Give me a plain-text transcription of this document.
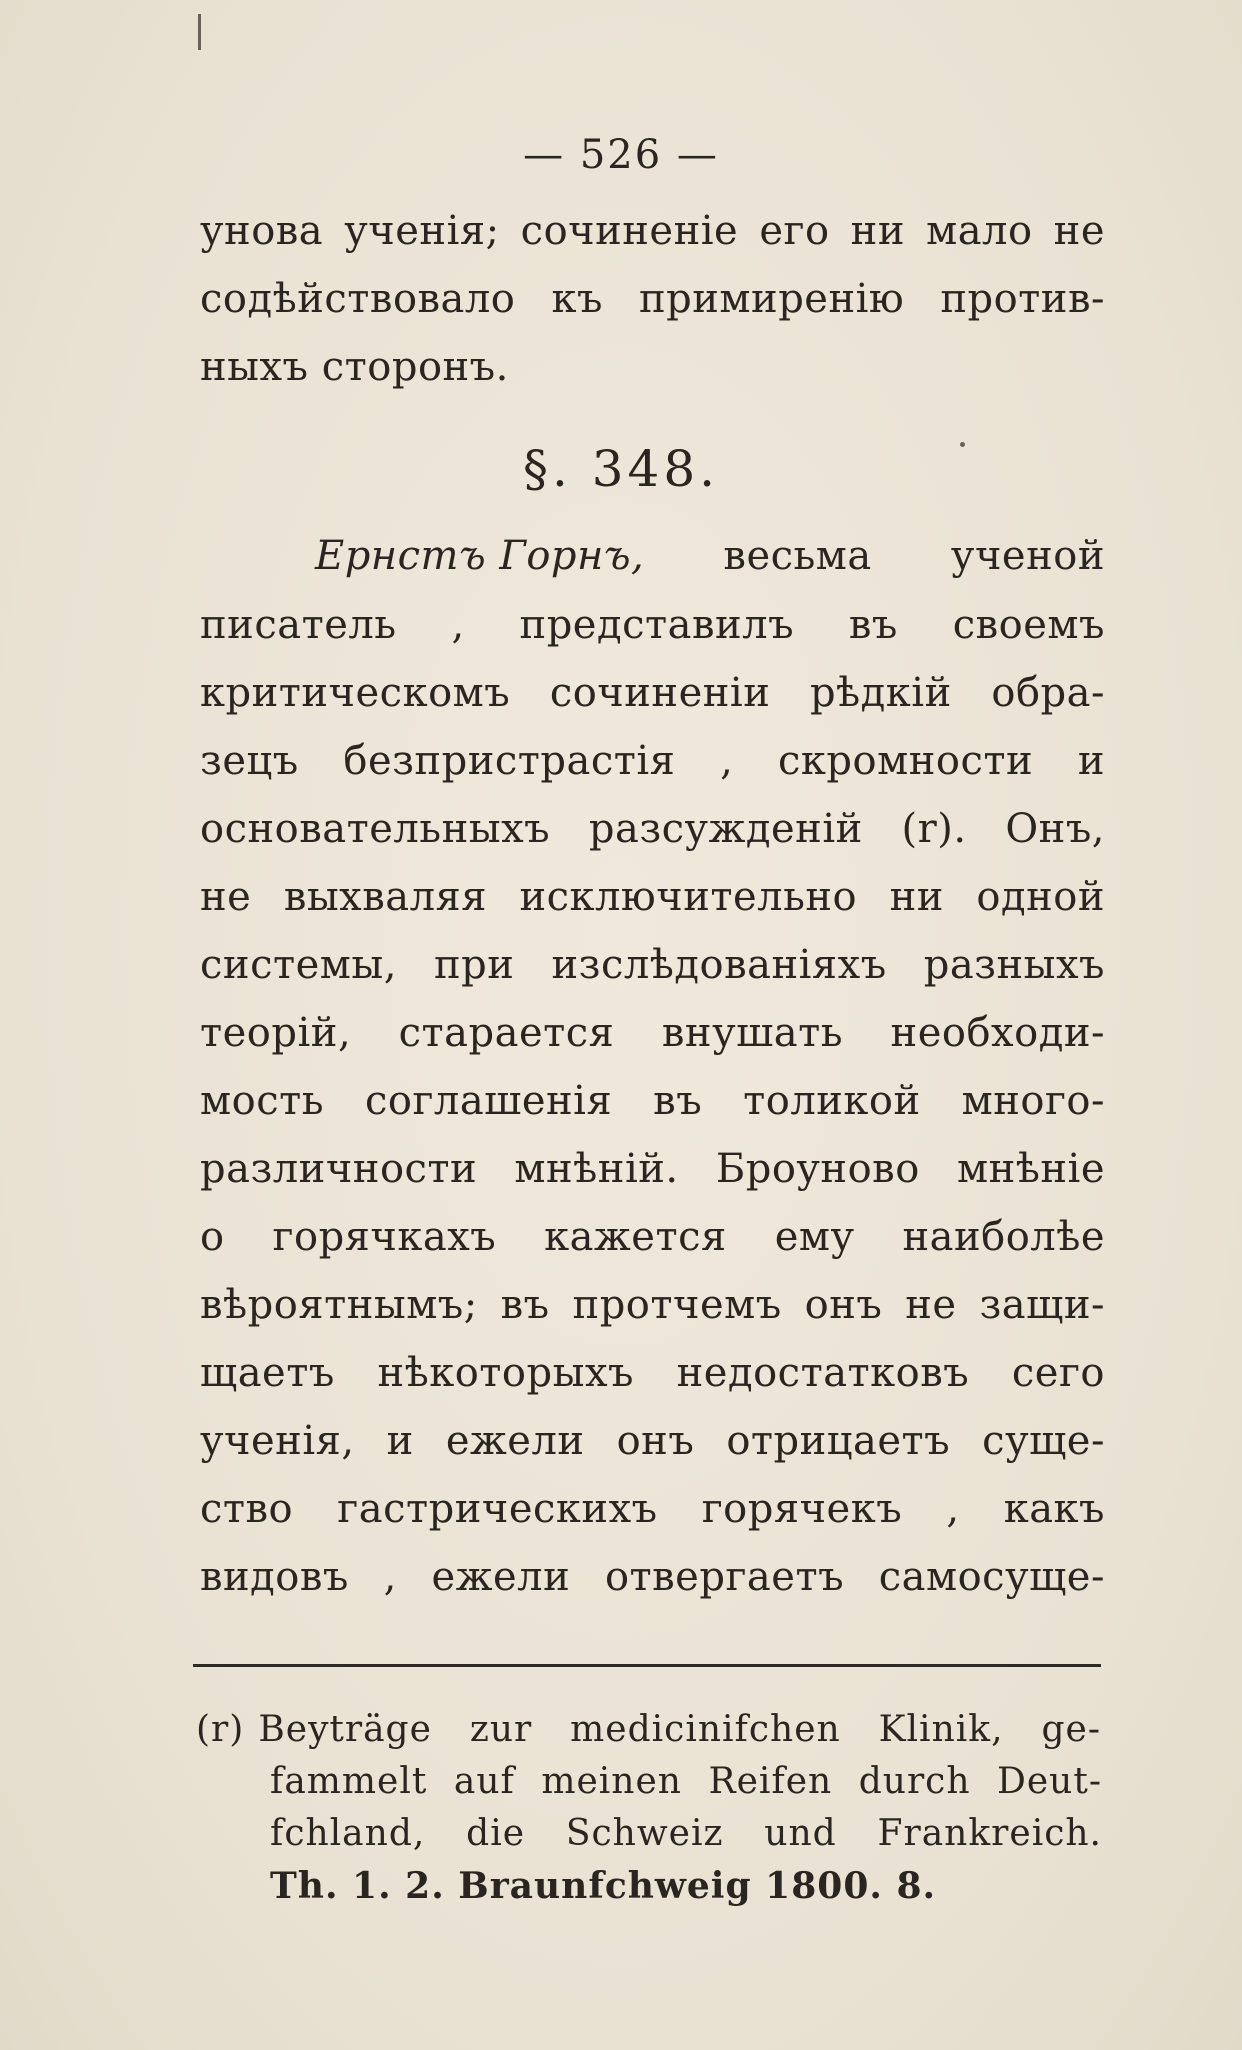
— 526 —
унова ученія; сочиненіе его ни мало не
содѣйствовало къ примиренію против-
ныхъ сторонъ.
§. 348.
Ернстъ Горнъ, весьма ученой
писатель , представилъ въ своемъ
критическомъ сочиненіи рѣдкій обра-
зецъ безпристрастія , скромности и
основательныхъ разсужденій (r). Онъ,
не выхваляя исключительно ни одной
системы, при изслѣдованіяхъ разныхъ
теорій, старается внушать необходи-
мость соглашенія въ толикой много-
различности мнѣній. Броуново мнѣніе
о горячкахъ кажется ему наиболѣе
вѣроятнымъ; въ протчемъ онъ не защи-
щаетъ нѣкоторыхъ недостатковъ сего
ученія, и ежели онъ отрицаетъ суще-
ство гастрическихъ горячекъ , какъ
видовъ , ежели отвергаетъ самосуще-
(r) Beyträge zur medicinifchen Klinik, ge-
fammelt auf meinen Reifen durch Deut-
fchland, die Schweiz und Frankreich.
Th. 1. 2. Braunfchweig 1800. 8.
